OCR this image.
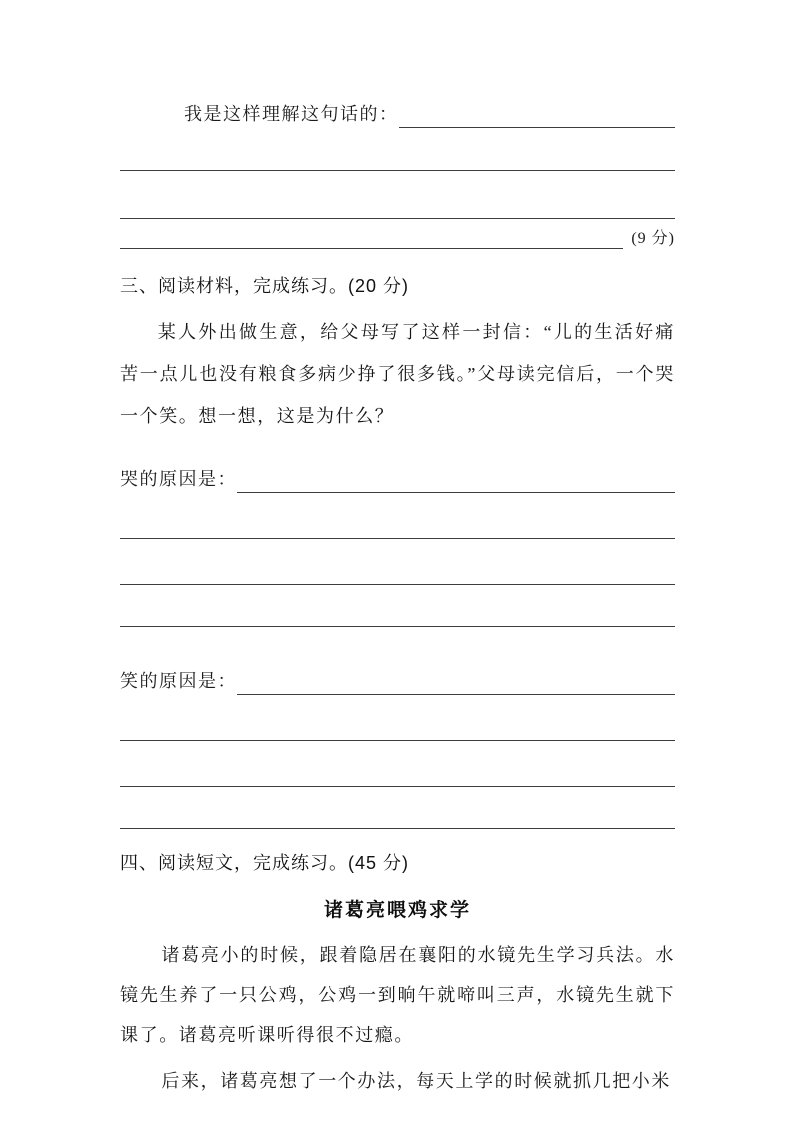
我是这样理解这句话的：
(9 分)
三、阅读材料，完成练习。(20 分)
某人外出做生意，给父母写了这样一封信：“儿的生活好痛苦一点儿也没有粮食多病少挣了很多钱。”父母读完信后，一个哭一个笑。想一想，这是为什么？
哭的原因是：
笑的原因是：
四、阅读短文，完成练习。(45 分)
诸葛亮喂鸡求学
诸葛亮小的时候，跟着隐居在襄阳的水镜先生学习兵法。水镜先生养了一只公鸡，公鸡一到晌午就啼叫三声，水镜先生就下课了。诸葛亮听课听得很不过瘾。
后来，诸葛亮想了一个办法，每天上学的时候就抓几把小米
